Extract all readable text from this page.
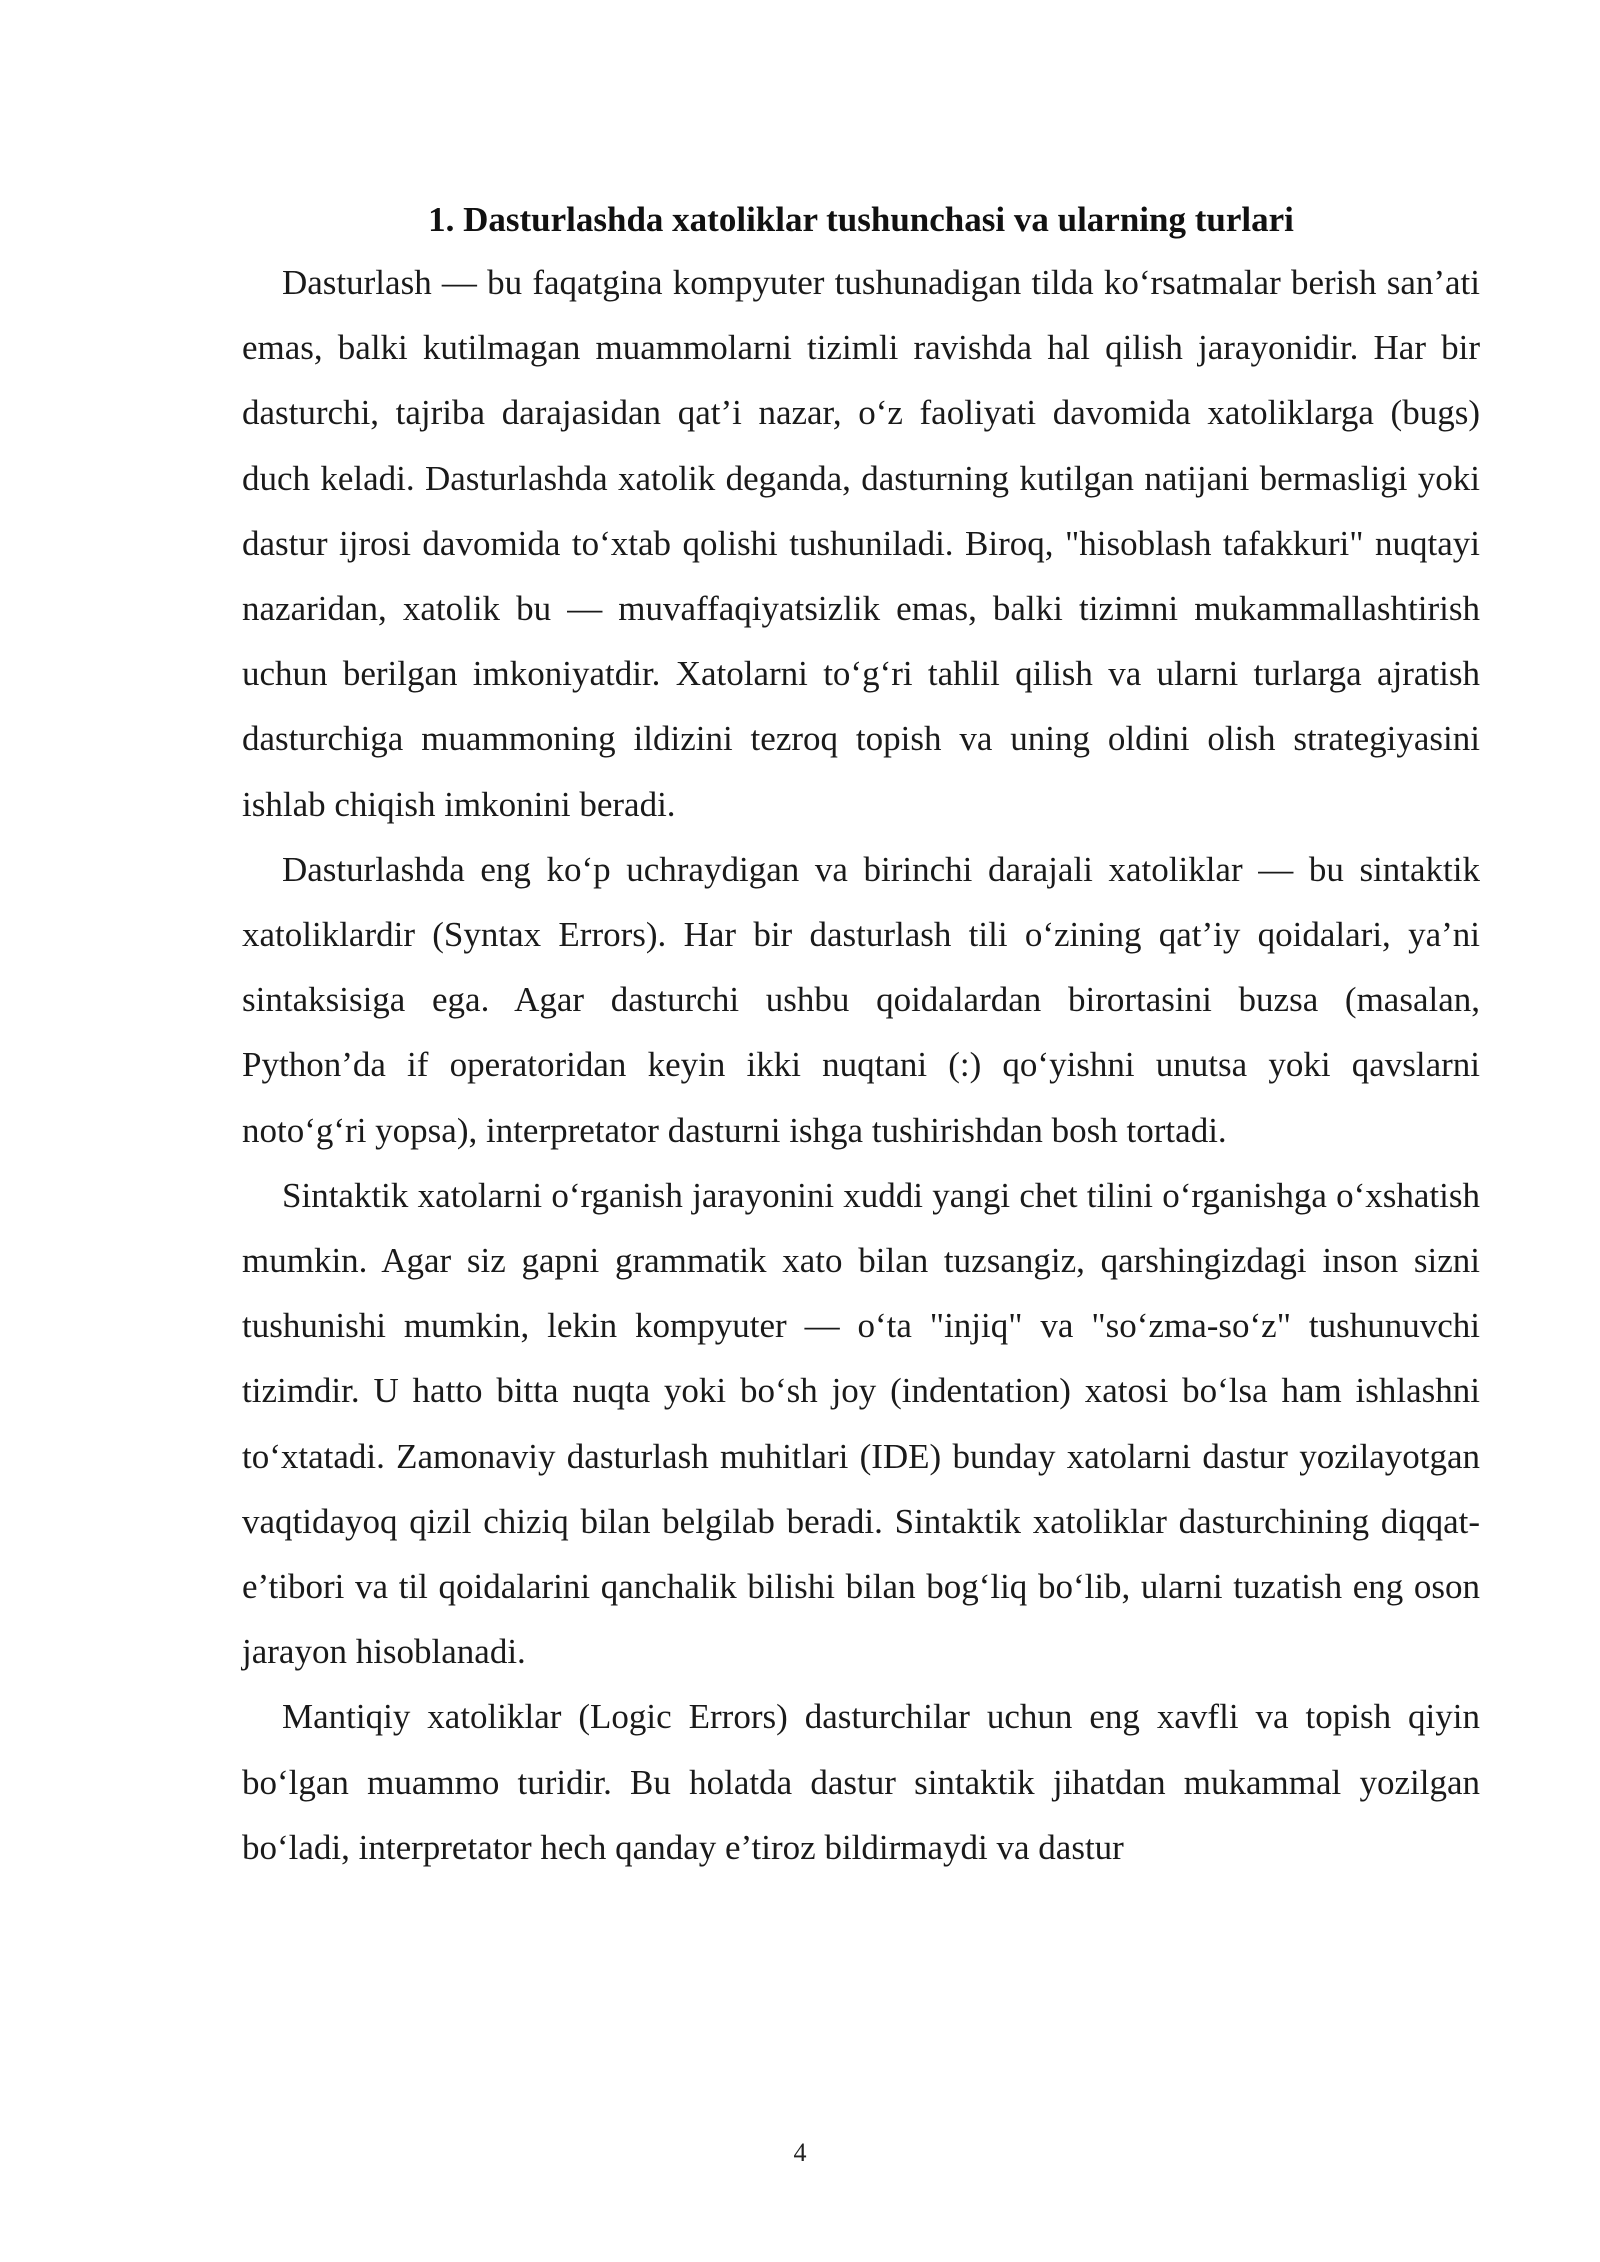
1. Dasturlashda xatoliklar tushunchasi va ularning turlari

Dasturlash — bu faqatgina kompyuter tushunadigan tilda ko‘rsatmalar berish san’ati emas, balki kutilmagan muammolarni tizimli ravishda hal qilish jarayonidir. Har bir dasturchi, tajriba darajasidan qat’i nazar, o‘z faoliyati davomida xatoliklarga (bugs) duch keladi. Dasturlashda xatolik deganda, dasturning kutilgan natijani bermasligi yoki dastur ijrosi davomida to‘xtab qolishi tushuniladi. Biroq, "hisoblash tafakkuri" nuqtayi nazaridan, xatolik bu — muvaffaqiyatsizlik emas, balki tizimni mukammallashtirish uchun berilgan imkoniyatdir. Xatolarni to‘g‘ri tahlil qilish va ularni turlarga ajratish dasturchiga muammoning ildizini tezroq topish va uning oldini olish strategiyasini ishlab chiqish imkonini beradi.

Dasturlashda eng ko‘p uchraydigan va birinchi darajali xatoliklar — bu sintaktik xatoliklardir (Syntax Errors). Har bir dasturlash tili o‘zining qat’iy qoidalari, ya’ni sintaksisiga ega. Agar dasturchi ushbu qoidalardan birortasini buzsa (masalan, Python’da if operatoridan keyin ikki nuqtani (:) qo‘yishni unutsa yoki qavslarni noto‘g‘ri yopsa), interpretator dasturni ishga tushirishdan bosh tortadi.

Sintaktik xatolarni o‘rganish jarayonini xuddi yangi chet tilini o‘rganishga o‘xshatish mumkin. Agar siz gapni grammatik xato bilan tuzsangiz, qarshingizdagi inson sizni tushunishi mumkin, lekin kompyuter — o‘ta "injiq" va "so‘zma-so‘z" tushunuvchi tizimdir. U hatto bitta nuqta yoki bo‘sh joy (indentation) xatosi bo‘lsa ham ishlashni to‘xtatadi. Zamonaviy dasturlash muhitlari (IDE) bunday xatolarni dastur yozilayotgan vaqtidayoq qizil chiziq bilan belgilab beradi. Sintaktik xatoliklar dasturchining diqqat-e’tibori va til qoidalarini qanchalik bilishi bilan bog‘liq bo‘lib, ularni tuzatish eng oson jarayon hisoblanadi.

Mantiqiy xatoliklar (Logic Errors) dasturchilar uchun eng xavfli va topish qiyin bo‘lgan muammo turidir. Bu holatda dastur sintaktik jihatdan mukammal yozilgan bo‘ladi, interpretator hech qanday e’tiroz bildirmaydi va dastur

4
